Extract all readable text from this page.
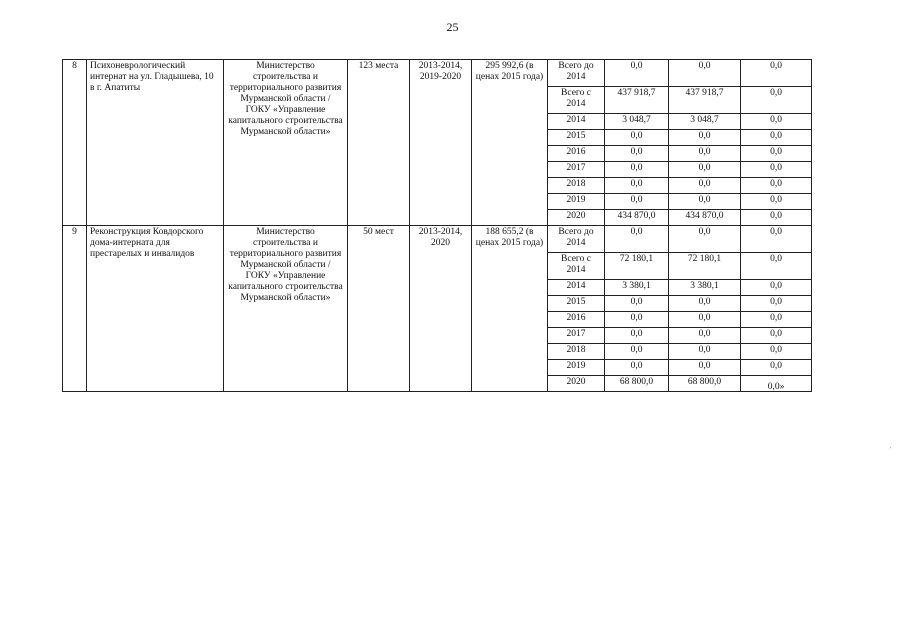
25
8	Психоневрологический интернат на ул. Гладышева, 10 в г. Апатиты	Министерство строительства и территориального развития Мурманской области / ГОКУ «Управление капитального строительства Мурманской области»	123 места	2013-2014, 2019-2020	295 992,6 (в ценах 2015 года)	Всего до 2014	0,0	0,0	0,0
						Всего с 2014	437 918,7	437 918,7	0,0
						2014	3 048,7	3 048,7	0,0
						2015	0,0	0,0	0,0
						2016	0,0	0,0	0,0
						2017	0,0	0,0	0,0
						2018	0,0	0,0	0,0
						2019	0,0	0,0	0,0
						2020	434 870,0	434 870,0	0,0
9	Реконструкция Ковдорского дома-интерната для престарелых и инвалидов	Министерство строительства и территориального развития Мурманской области / ГОКУ «Управление капитального строительства Мурманской области»	50 мест	2013-2014, 2020	188 655,2 (в ценах 2015 года)	Всего до 2014	0,0	0,0	0,0
						Всего с 2014	72 180,1	72 180,1	0,0
						2014	3 380,1	3 380,1	0,0
						2015	0,0	0,0	0,0
						2016	0,0	0,0	0,0
						2017	0,0	0,0	0,0
						2018	0,0	0,0	0,0
						2019	0,0	0,0	0,0
						2020	68 800,0	68 800,0	0,0»
'
